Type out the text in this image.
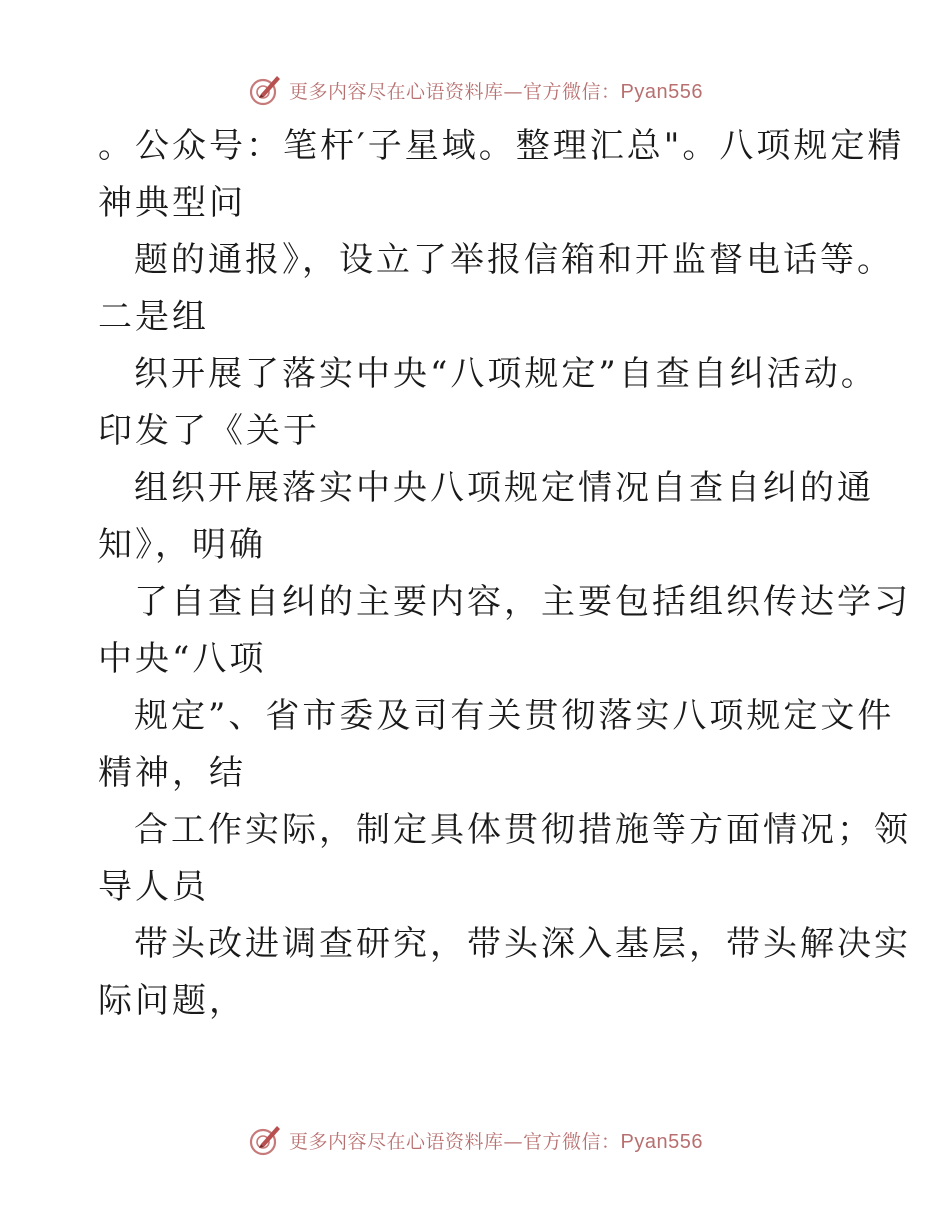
更多内容尽在心语资料库—官方微信：Pyan556
。公众号：笔杆′子星域。整理汇总"。八项规定精
神典型问
题的通报》，设立了举报信箱和开监督电话等。
二是组
织开展了落实中央“八项规定”自查自纠活动。
印发了《关于
组织开展落实中央八项规定情况自查自纠的通
知》，明确
了自查自纠的主要内容，主要包括组织传达学习
中央“八项
规定”、省市委及司有关贯彻落实八项规定文件
精神，结
合工作实际，制定具体贯彻措施等方面情况；领
导人员
带头改进调查研究，带头深入基层，带头解决实
际问题，
更多内容尽在心语资料库—官方微信：Pyan556
